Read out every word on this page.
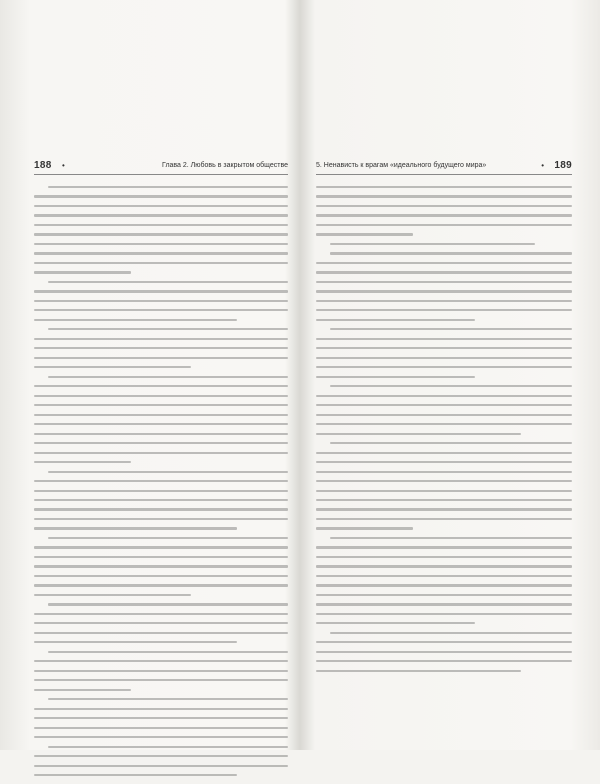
188 •	Глава 2. Любовь в закрытом обществе	5. Ненависть к врагам «идеального будущего мира»	• 189
